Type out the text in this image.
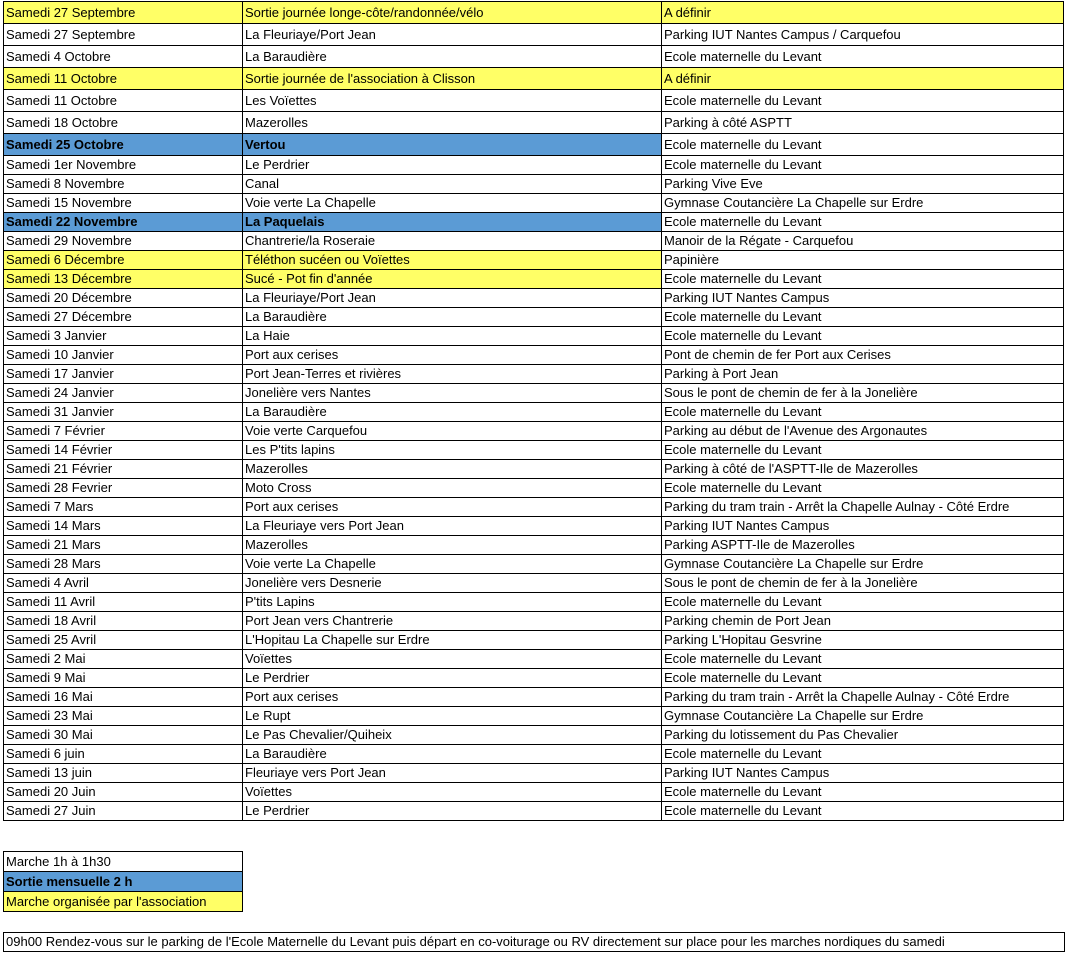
Samedi 27 Septembre	Sortie journée longe-côte/randonnée/vélo	A définir
Samedi 27 Septembre	La Fleuriaye/Port Jean	Parking IUT Nantes Campus / Carquefou
Samedi 4 Octobre	La Baraudière	Ecole maternelle du Levant
Samedi 11 Octobre	Sortie journée de l'association à Clisson	A définir
Samedi 11 Octobre	Les Voïettes	Ecole maternelle du Levant
Samedi 18 Octobre	Mazerolles	Parking à côté ASPTT
Samedi 25 Octobre	Vertou	Ecole maternelle du Levant
Samedi 1er Novembre	Le Perdrier	Ecole maternelle du Levant
Samedi 8 Novembre	Canal	Parking Vive Eve
Samedi 15 Novembre	Voie verte La Chapelle	Gymnase Coutancière La Chapelle sur Erdre
Samedi 22 Novembre	La Paquelais	Ecole maternelle du Levant
Samedi 29 Novembre	Chantrerie/la Roseraie	Manoir de la Régate - Carquefou
Samedi 6 Décembre	Téléthon sucéen ou Voïettes	Papinière
Samedi 13 Décembre	Sucé - Pot fin d'année	Ecole maternelle du Levant
Samedi 20 Décembre	La Fleuriaye/Port Jean	Parking IUT Nantes Campus
Samedi 27 Décembre	La Baraudière	Ecole maternelle du Levant
Samedi 3 Janvier	La Haie	Ecole maternelle du Levant
Samedi 10 Janvier	Port aux cerises	Pont de chemin de fer Port aux Cerises
Samedi 17 Janvier	Port Jean-Terres et rivières	Parking à Port Jean
Samedi 24 Janvier	Jonelière vers Nantes	Sous le pont de chemin de fer à la Jonelière
Samedi 31 Janvier	La Baraudière	Ecole maternelle du Levant
Samedi 7 Février	Voie verte Carquefou	Parking au début de l'Avenue des Argonautes
Samedi 14 Février	Les P'tits lapins	Ecole maternelle du Levant
Samedi 21 Février	Mazerolles	Parking à côté de l'ASPTT-Ile de Mazerolles
Samedi 28 Fevrier	Moto Cross	Ecole maternelle du Levant
Samedi 7 Mars	Port aux cerises	Parking du tram train - Arrêt la Chapelle Aulnay - Côté Erdre
Samedi 14 Mars	La Fleuriaye vers Port Jean	Parking IUT Nantes Campus
Samedi 21 Mars	Mazerolles	Parking ASPTT-Ile de Mazerolles
Samedi 28 Mars	Voie verte La Chapelle	Gymnase Coutancière La Chapelle sur Erdre
Samedi 4 Avril	Jonelière vers Desnerie	Sous le pont de chemin de fer à la Jonelière
Samedi 11 Avril	P'tits Lapins	Ecole maternelle du Levant
Samedi 18 Avril	Port Jean vers Chantrerie	Parking chemin de Port Jean
Samedi 25 Avril	L'Hopitau La Chapelle sur Erdre	Parking L'Hopitau Gesvrine
Samedi 2 Mai	Voïettes	Ecole maternelle du Levant
Samedi 9 Mai	Le Perdrier	Ecole maternelle du Levant
Samedi 16 Mai	Port aux cerises	Parking du tram train - Arrêt la Chapelle Aulnay - Côté Erdre
Samedi 23 Mai	Le Rupt	Gymnase Coutancière La Chapelle sur Erdre
Samedi 30 Mai	Le Pas Chevalier/Quiheix	Parking du lotissement du Pas Chevalier
Samedi 6 juin	La Baraudière	Ecole maternelle du Levant
Samedi 13 juin	Fleuriaye vers Port Jean	Parking IUT Nantes Campus
Samedi 20 Juin	Voïettes	Ecole maternelle du Levant
Samedi 27 Juin	Le Perdrier	Ecole maternelle du Levant
Marche 1h à 1h30
Sortie mensuelle 2 h
Marche organisée par l'association
09h00 Rendez-vous sur le parking de l'Ecole Maternelle du Levant puis départ en co-voiturage ou RV directement sur place pour les marches nordiques du samedi
